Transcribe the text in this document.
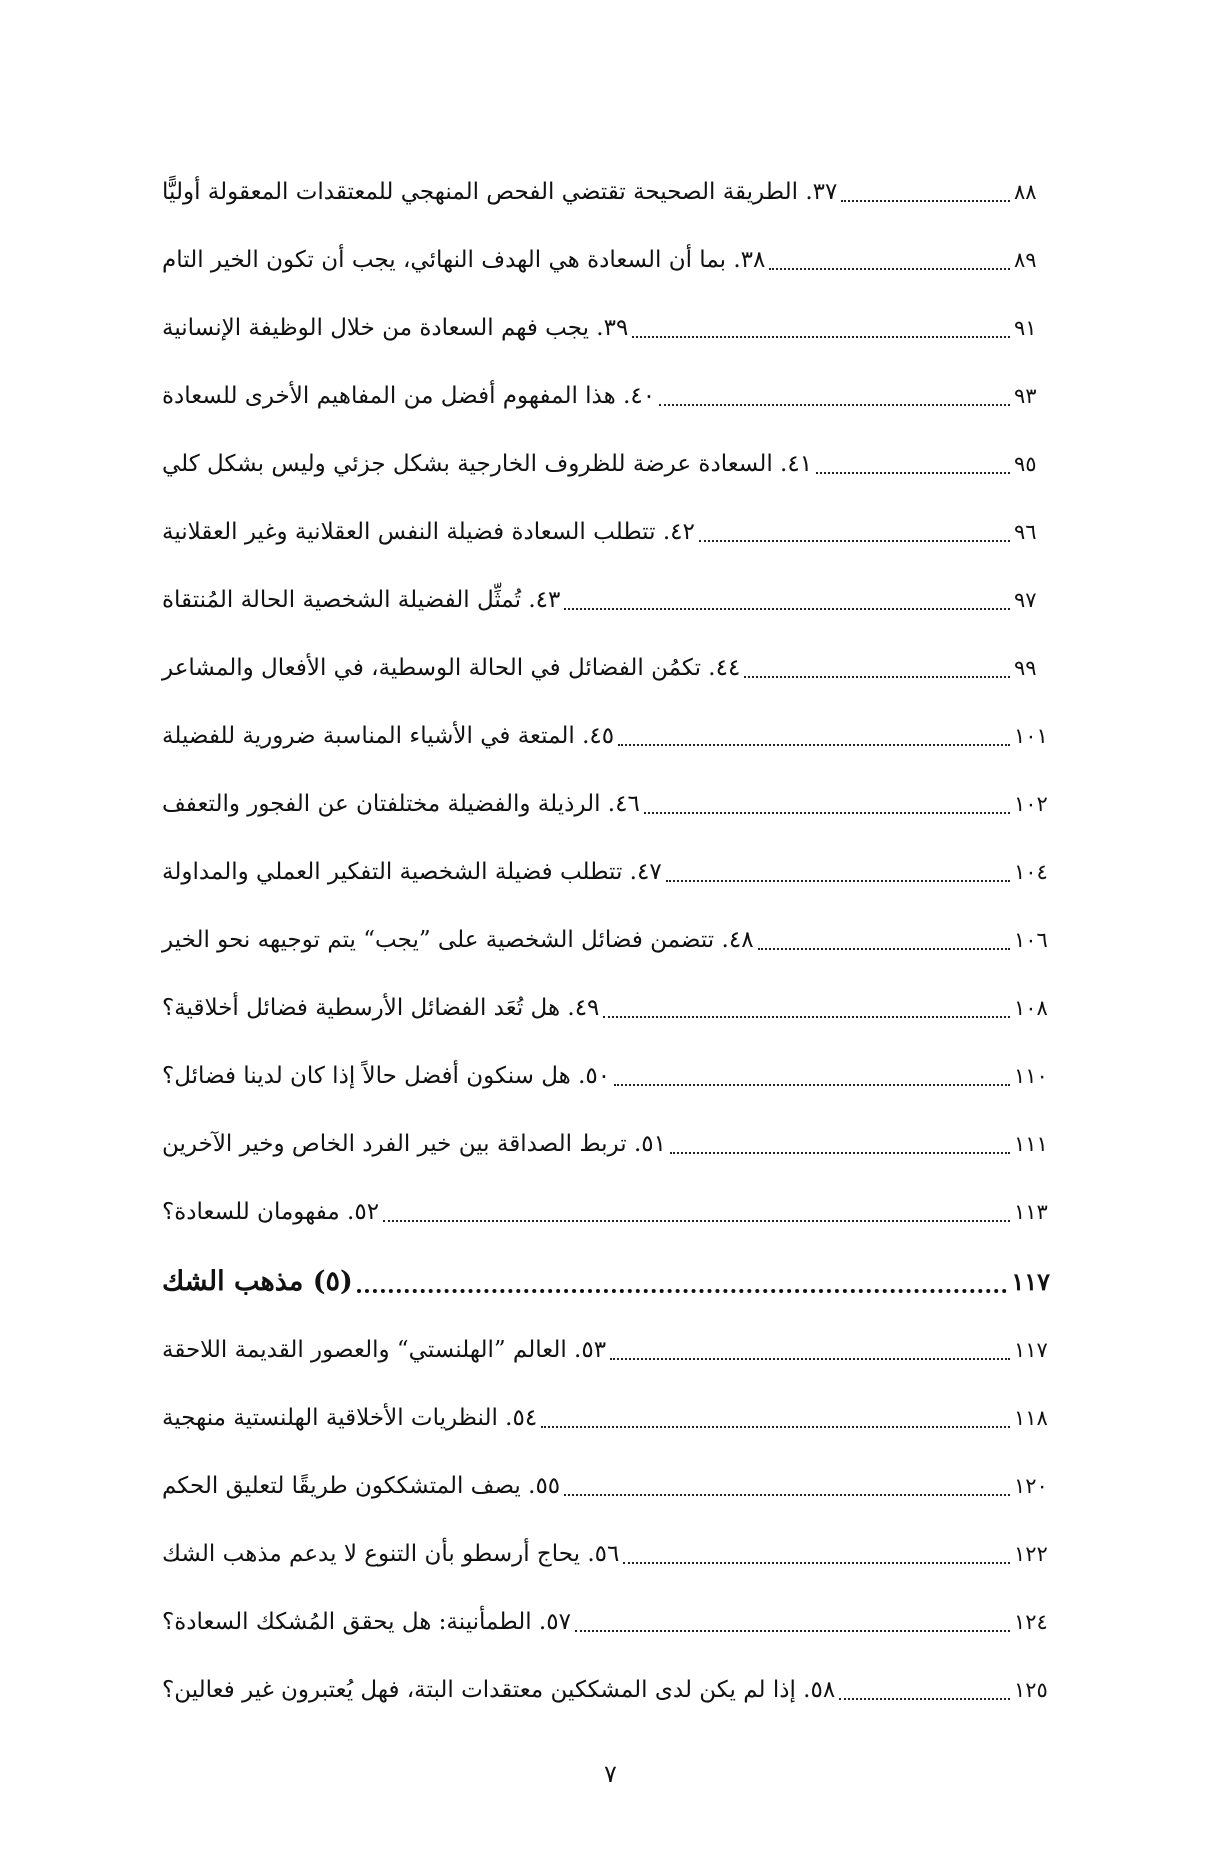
٣٧. الطريقة الصحيحة تقتضي الفحص المنهجي للمعتقدات المعقولة أوليًّا	٨٨
٣٨. بما أن السعادة هي الهدف النهائي، يجب أن تكون الخير التام	٨٩
٣٩. يجب فهم السعادة من خلال الوظيفة الإنسانية	٩١
٤٠. هذا المفهوم أفضل من المفاهيم الأخرى للسعادة	٩٣
٤١. السعادة عرضة للظروف الخارجية بشكل جزئي وليس بشكل كلي	٩٥
٤٢. تتطلب السعادة فضيلة النفس العقلانية وغير العقلانية	٩٦
٤٣. تُمثِّل الفضيلة الشخصية الحالة المُنتقاة	٩٧
٤٤. تكمُن الفضائل في الحالة الوسطية، في الأفعال والمشاعر	٩٩
٤٥. المتعة في الأشياء المناسبة ضرورية للفضيلة	١٠١
٤٦. الرذيلة والفضيلة مختلفتان عن الفجور والتعفف	١٠٢
٤٧. تتطلب فضيلة الشخصية التفكير العملي والمداولة	١٠٤
٤٨. تتضمن فضائل الشخصية على ”يجب“ يتم توجيهه نحو الخير	١٠٦
٤٩. هل تُعَد الفضائل الأرسطية فضائل أخلاقية؟	١٠٨
٥٠. هل سنكون أفضل حالاً إذا كان لدينا فضائل؟	١١٠
٥١. تربط الصداقة بين خير الفرد الخاص وخير الآخرين	١١١
٥٢. مفهومان للسعادة؟	١١٣
(٥) مذهب الشك	١١٧
٥٣. العالم ”الهلنستي“ والعصور القديمة اللاحقة	١١٧
٥٤. النظريات الأخلاقية الهلنستية منهجية	١١٨
٥٥. يصف المتشككون طريقًا لتعليق الحكم	١٢٠
٥٦. يحاج أرسطو بأن التنوع لا يدعم مذهب الشك	١٢٢
٥٧. الطمأنينة: هل يحقق المُشكك السعادة؟	١٢٤
٥٨. إذا لم يكن لدى المشككين معتقدات البتة، فهل يُعتبرون غير فعالين؟	١٢٥
٧
